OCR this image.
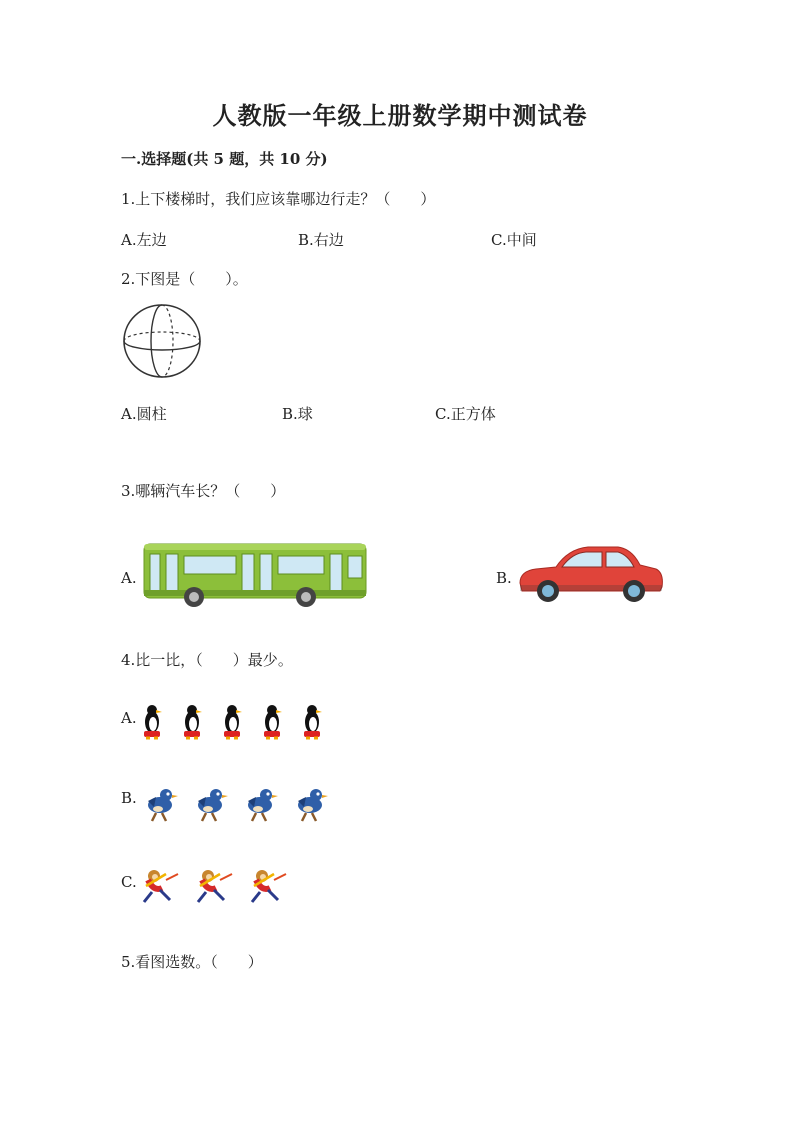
人教版一年级上册数学期中测试卷
一.选择题(共 5 题，共 10 分)
1.上下楼梯时，我们应该靠哪边行走？（　　）
A.左边	B.右边	C.中间
2.下图是（　　）。
A.圆柱	B.球	C.正方体
3.哪辆汽车长？（　　）
A.	B.
4.比一比，（　　）最少。
A.
B.
C.
5.看图选数。（　　）
